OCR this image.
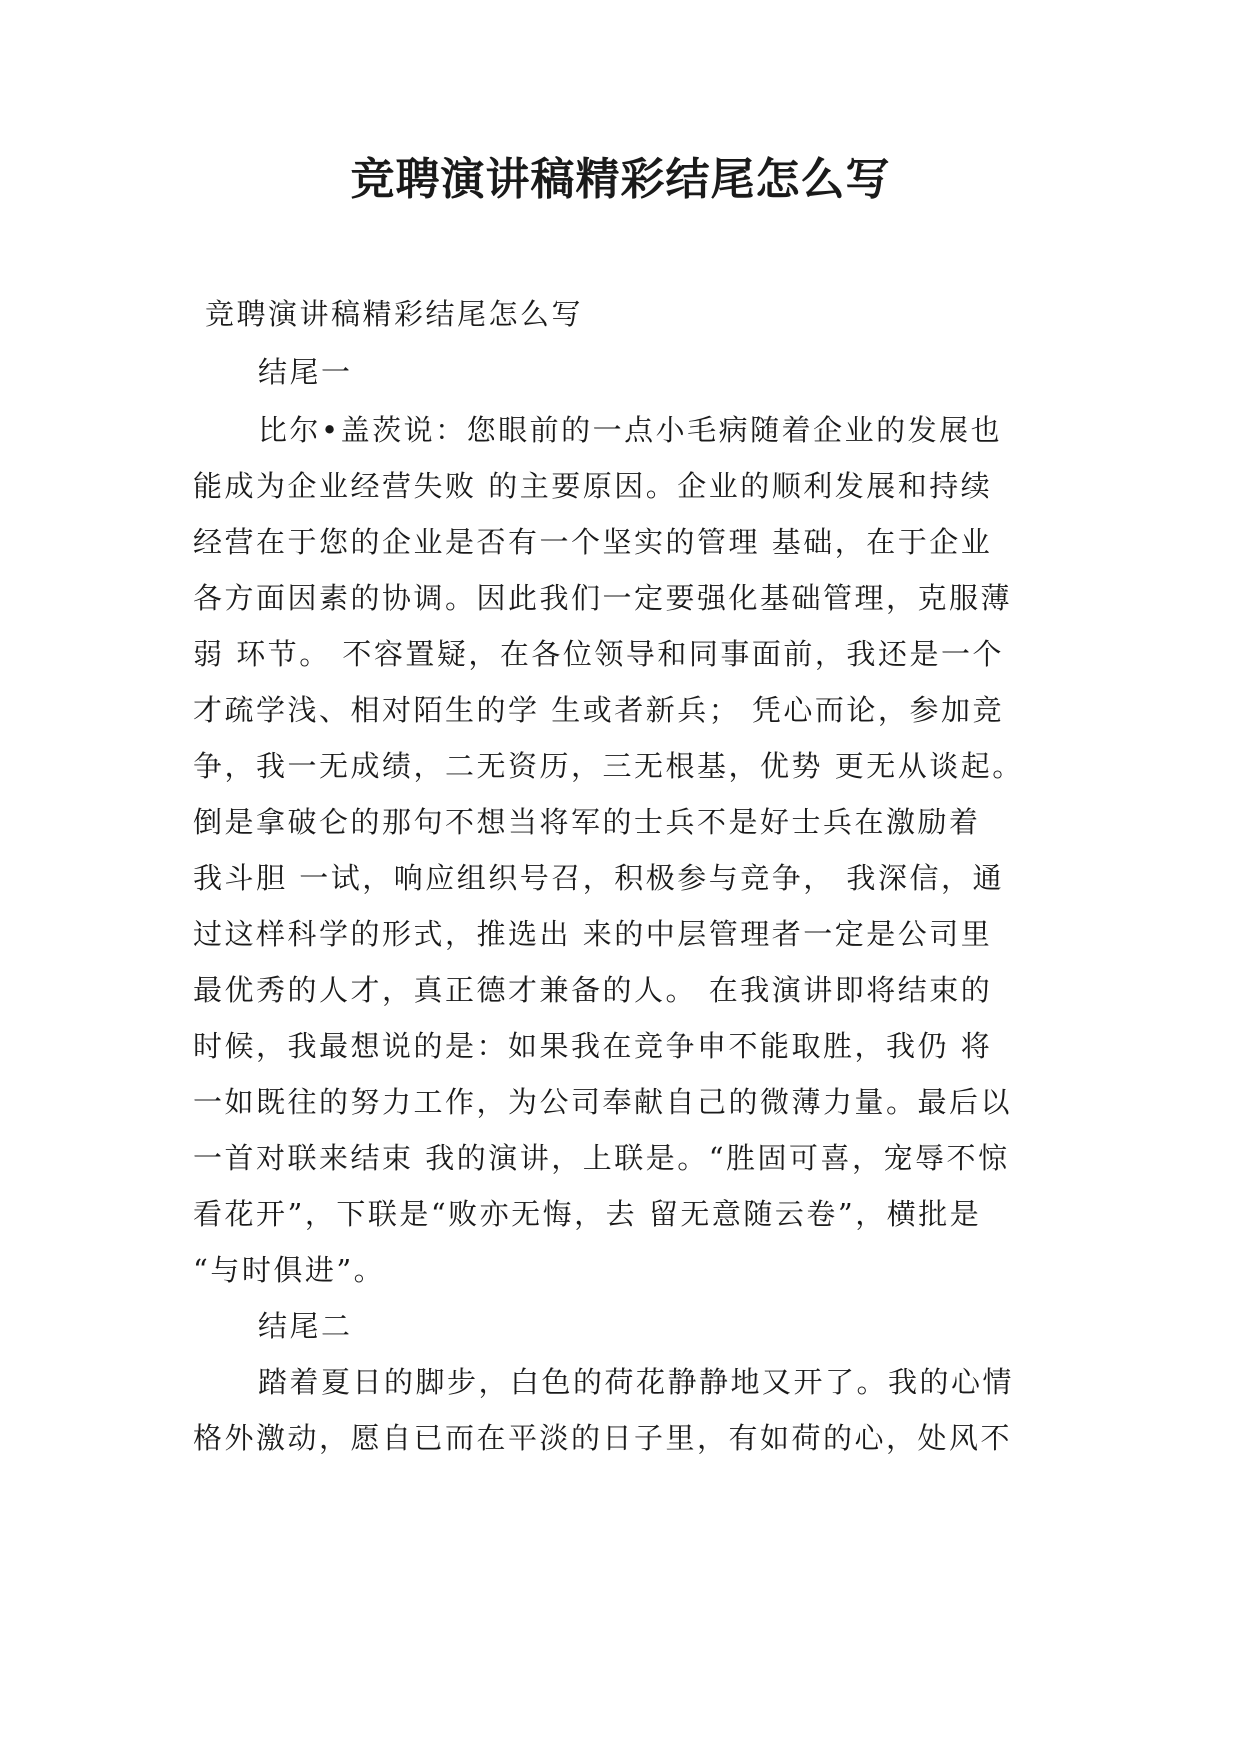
竞聘演讲稿精彩结尾怎么写
竞聘演讲稿精彩结尾怎么写
结尾一
比尔•盖茨说：您眼前的一点小毛病随着企业的发展也
能成为企业经营失败 的主要原因。企业的顺利发展和持续
经营在于您的企业是否有一个坚实的管理 基础，在于企业
各方面因素的协调。因此我们一定要强化基础管理，克服薄
弱 环节。 不容置疑，在各位领导和同事面前，我还是一个
才疏学浅、相对陌生的学 生或者新兵； 凭心而论，参加竞
争，我一无成绩，二无资历，三无根基，优势 更无从谈起。
倒是拿破仑的那句不想当将军的士兵不是好士兵在激励着
我斗胆 一试，响应组织号召，积极参与竞争， 我深信，通
过这样科学的形式，推选出 来的中层管理者一定是公司里
最优秀的人才，真正德才兼备的人。 在我演讲即将结束的
时候，我最想说的是：如果我在竞争申不能取胜，我仍 将
一如既往的努力工作，为公司奉献自己的微薄力量。最后以
一首对联来结束 我的演讲，上联是。“胜固可喜，宠辱不惊
看花开”，下联是“败亦无悔，去 留无意随云卷”，横批是
“与时俱进”。
结尾二
踏着夏日的脚步，白色的荷花静静地又开了。我的心情
格外激动，愿自已而在平淡的日子里，有如荷的心，处风不
